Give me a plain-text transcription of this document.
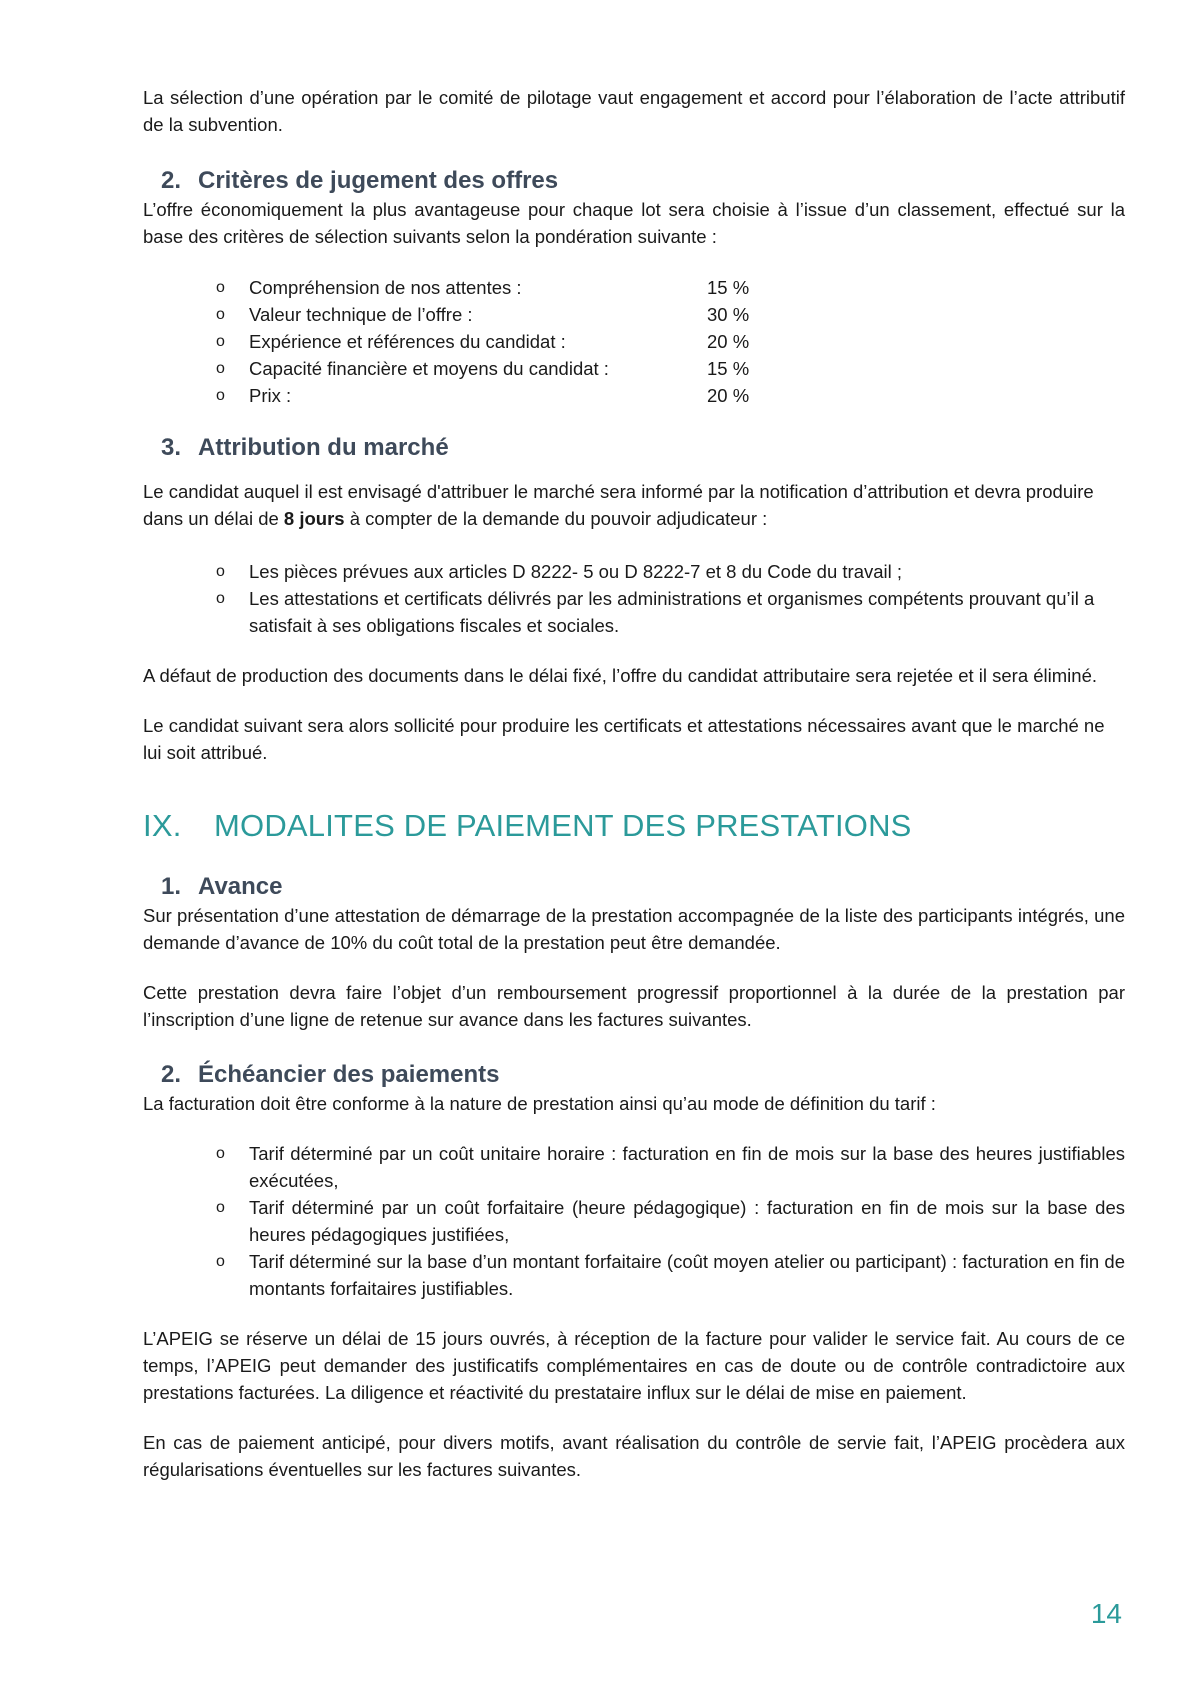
La sélection d’une opération par le comité de pilotage vaut engagement et accord pour l’élaboration de l’acte attributif de la subvention.

2. Critères de jugement des offres

L’offre économiquement la plus avantageuse pour chaque lot sera choisie à l’issue d’un classement, effectué sur la base des critères de sélection suivants selon la pondération suivante :

o Compréhension de nos attentes :	15 %
o Valeur technique de l’offre :	30 %
o Expérience et références du candidat :	20 %
o Capacité financière et moyens du candidat :	15 %
o Prix :	20 %
3. Attribution du marché

Le candidat auquel il est envisagé d'attribuer le marché sera informé par la notification d’attribution et devra produire dans un délai de 8 jours à compter de la demande du pouvoir adjudicateur :

o Les pièces prévues aux articles D 8222- 5 ou D 8222-7 et 8 du Code du travail ;
o Les attestations et certificats délivrés par les administrations et organismes compétents prouvant qu’il a satisfait à ses obligations fiscales et sociales.

A défaut de production des documents dans le délai fixé, l’offre du candidat attributaire sera rejetée et il sera éliminé.

Le candidat suivant sera alors sollicité pour produire les certificats et attestations nécessaires avant que le marché ne lui soit attribué.

IX. MODALITES DE PAIEMENT DES PRESTATIONS
1. Avance

Sur présentation d’une attestation de démarrage de la prestation accompagnée de la liste des participants intégrés, une demande d’avance de 10% du coût total de la prestation peut être demandée.

Cette prestation devra faire l’objet d’un remboursement progressif proportionnel à la durée de la prestation par l’inscription d’une ligne de retenue sur avance dans les factures suivantes.

2. Échéancier des paiements

La facturation doit être conforme à la nature de prestation ainsi qu’au mode de définition du tarif :

o Tarif déterminé par un coût unitaire horaire : facturation en fin de mois sur la base des heures justifiables exécutées,
o Tarif déterminé par un coût forfaitaire (heure pédagogique) : facturation en fin de mois sur la base des heures pédagogiques justifiées,
o Tarif déterminé sur la base d’un montant forfaitaire (coût moyen atelier ou participant) : facturation en fin de montants forfaitaires justifiables.

L’APEIG se réserve un délai de 15 jours ouvrés, à réception de la facture pour valider le service fait. Au cours de ce temps, l’APEIG peut demander des justificatifs complémentaires en cas de doute ou de contrôle contradictoire aux prestations facturées. La diligence et réactivité du prestataire influx sur le délai de mise en paiement.

En cas de paiement anticipé, pour divers motifs, avant réalisation du contrôle de servie fait, l’APEIG procèdera aux régularisations éventuelles sur les factures suivantes.

14
